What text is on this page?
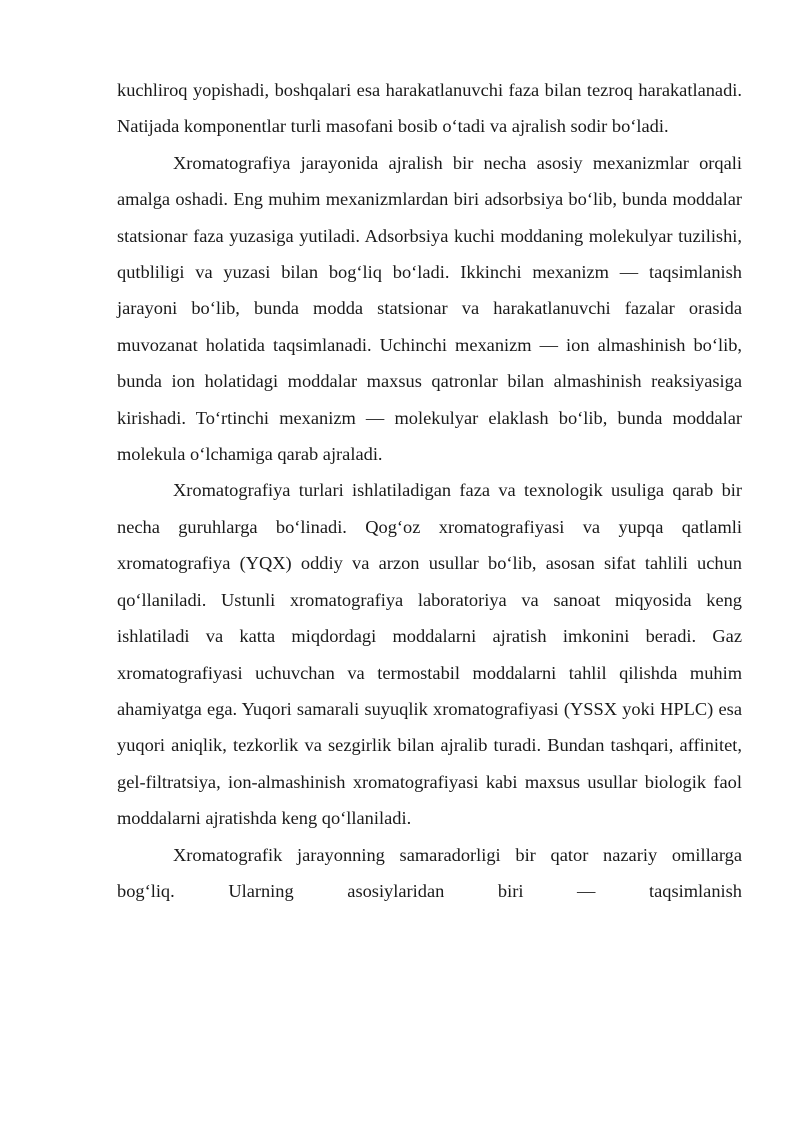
kuchliroq yopishadi, boshqalari esa harakatlanuvchi faza bilan tezroq harakatlanadi. Natijada komponentlar turli masofani bosib o‘tadi va ajralish sodir bo‘ladi.

Xromatografiya jarayonida ajralish bir necha asosiy mexanizmlar orqali amalga oshadi. Eng muhim mexanizmlardan biri adsorbsiya bo‘lib, bunda moddalar statsionar faza yuzasiga yutiladi. Adsorbsiya kuchi moddaning molekulyar tuzilishi, qutbliligi va yuzasi bilan bog‘liq bo‘ladi. Ikkinchi mexanizm — taqsimlanish jarayoni bo‘lib, bunda modda statsionar va harakatlanuvchi fazalar orasida muvozanat holatida taqsimlanadi. Uchinchi mexanizm — ion almashinish bo‘lib, bunda ion holatidagi moddalar maxsus qatronlar bilan almashinish reaksiyasiga kirishadi. To‘rtinchi mexanizm — molekulyar elaklash bo‘lib, bunda moddalar molekula o‘lchamiga qarab ajraladi.

Xromatografiya turlari ishlatiladigan faza va texnologik usuliga qarab bir necha guruhlarga bo‘linadi. Qog‘oz xromatografiyasi va yupqa qatlamli xromatografiya (YQX) oddiy va arzon usullar bo‘lib, asosan sifat tahlili uchun qo‘llaniladi. Ustunli xromatografiya laboratoriya va sanoat miqyosida keng ishlatiladi va katta miqdordagi moddalarni ajratish imkonini beradi. Gaz xromatografiyasi uchuvchan va termostabil moddalarni tahlil qilishda muhim ahamiyatga ega. Yuqori samarali suyuqlik xromatografiyasi (YSSX yoki HPLC) esa yuqori aniqlik, tezkorlik va sezgirlik bilan ajralib turadi. Bundan tashqari, affinitet, gel-filtratsiya, ion-almashinish xromatografiyasi kabi maxsus usullar biologik faol moddalarni ajratishda keng qo‘llaniladi.

Xromatografik jarayonning samaradorligi bir qator nazariy omillarga bog‘liq. Ularning asosiylaridan biri — taqsimlanish
